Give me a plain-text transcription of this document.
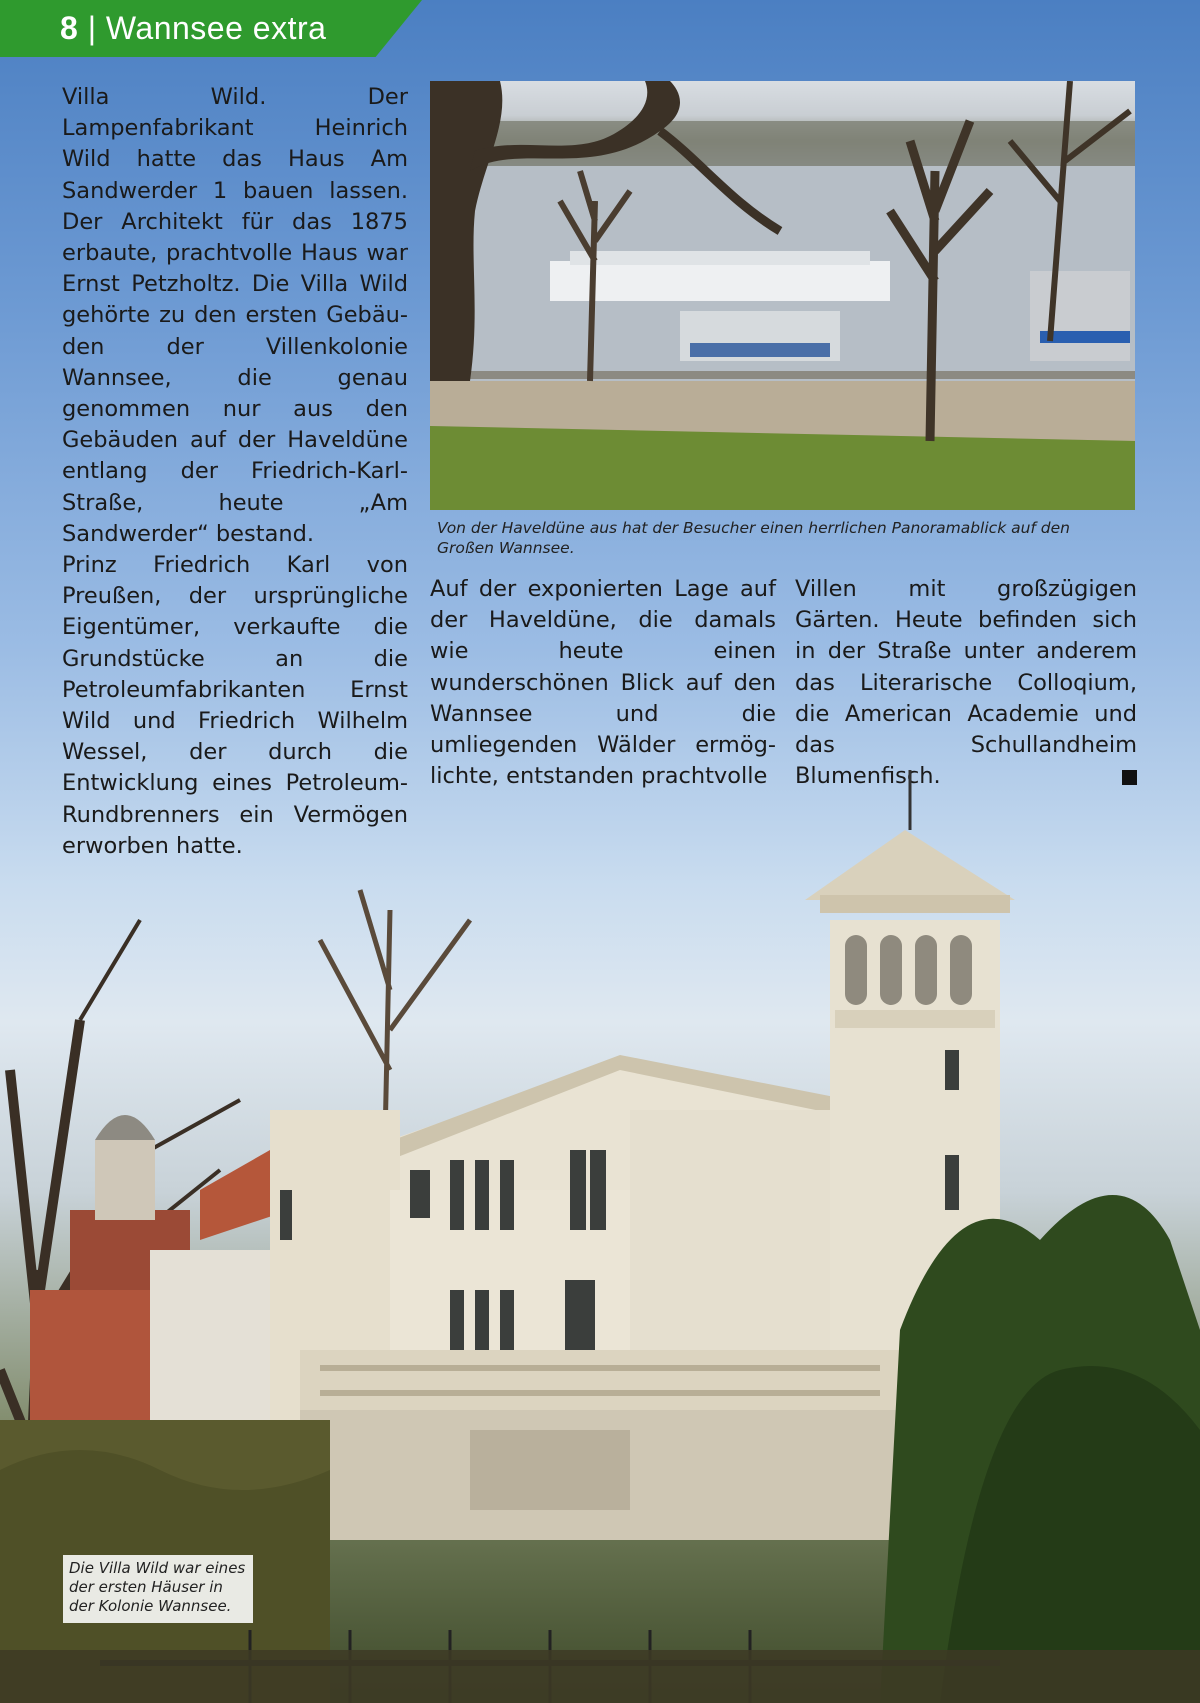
8 | Wannsee extra

Villa Wild. Der Lampenfabrikant Heinrich Wild hatte das Haus Am Sandwerder 1 bauen lassen. Der Architekt für das 1875 erbaute, prachtvolle Haus war Ernst Petzholtz. Die Villa Wild gehörte zu den ersten Gebäuden der Villenkolonie Wannsee, die genau genommen nur aus den Gebäuden auf der Haveldüne entlang der Friedrich-Karl-Straße, heute „Am Sandwerder“ bestand.

Prinz Friedrich Karl von Preußen, der ursprüngliche Eigentümer, verkaufte die Grundstücke an die Petroleumfabrikanten Ernst Wild und Friedrich Wilhelm Wessel, der durch die Entwicklung eines Petroleum-Rundbrenners ein Vermögen erworben hatte.

Von der Haveldüne aus hat der Besucher einen herrlichen Panoramablick auf den Großen Wannsee.

Auf der exponierten Lage auf der Haveldüne, die damals wie heute einen wunderschönen Blick auf den Wannsee und die umliegenden Wälder ermöglichte, entstanden prachtvolle

Villen mit großzügigen Gärten. Heute befinden sich in der Straße unter anderem das Literarische Colloqium, die American Academie und das Schullandheim Blumenfisch.

Die Villa Wild war eines der ersten Häuser in der Kolonie Wannsee.
